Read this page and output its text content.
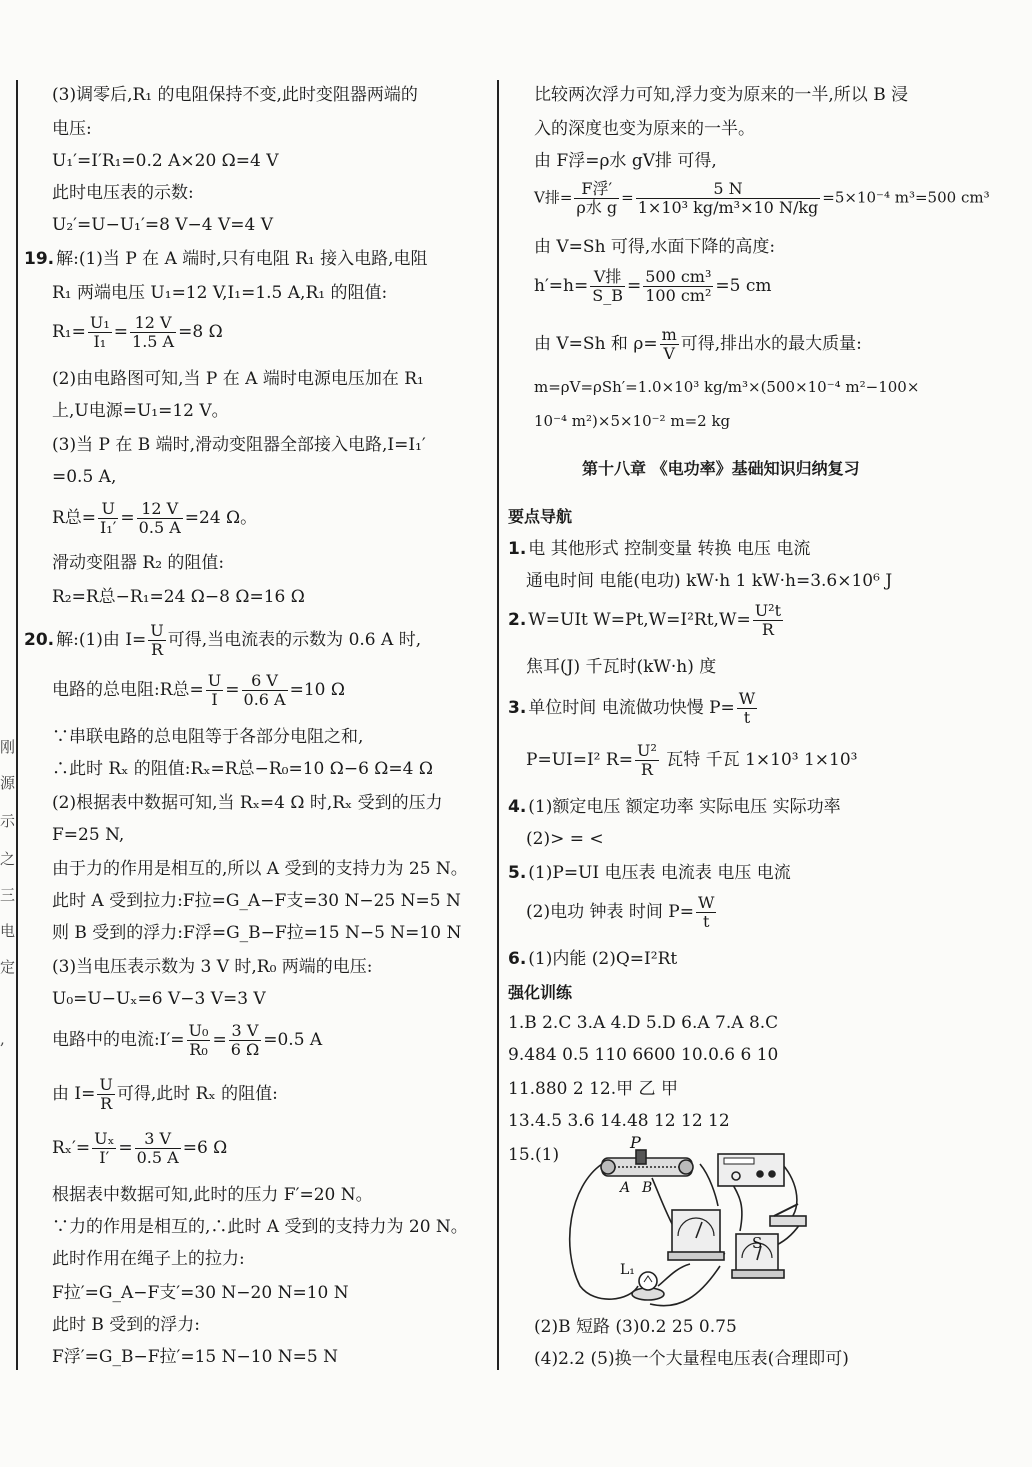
刚
源
示
之
三
电
定
,
(3)调零后,R₁ 的电阻保持不变,此时变阻器两端的
电压:
U₁′=I′R₁=0.2 A×20 Ω=4 V
此时电压表的示数:
U₂′=U−U₁′=8 V−4 V=4 V
19. 解:(1)当 P 在 A 端时,只有电阻 R₁ 接入电路,电阻
R₁ 两端电压 U₁=12 V,I₁=1.5 A,R₁ 的阻值:
$R_1= \frac{\text{U₁}}{\text{I₁}} = \frac{12 V}{1.5 A} =8$ Ω
(2)由电路图可知,当 P 在 A 端时电源电压加在 R₁
上,U电源=U₁=12 V。
(3)当 P 在 B 端时,滑动变阻器全部接入电路,I=I₁′
=0.5 A,
R总= $\frac{U}{\text{I₁′}} = \frac{12 V}{0.5 A} =24$ Ω。
滑动变阻器 R₂ 的阻值:
R₂=R总−R₁=24 Ω−8 Ω=16 Ω
20. 解:(1)由 $I= \frac{U}{R}$ 可得,当电流表的示数为 0.6 A 时,
电路的总电阻:R总= $\frac{U}{I} = \frac{6 V}{0.6 A} =10$ Ω
∵串联电路的总电阻等于各部分电阻之和,
∴此时 Rₓ 的阻值:Rₓ=R总−R₀=10 Ω−6 Ω=4 Ω
(2)根据表中数据可知,当 Rₓ=4 Ω 时,Rₓ 受到的压力
F=25 N,
由于力的作用是相互的,所以 A 受到的支持力为 25 N。
此时 A 受到拉力:F拉=G_A−F支=30 N−25 N=5 N
则 B 受到的浮力:F浮=G_B−F拉=15 N−5 N=10 N
(3)当电压表示数为 3 V 时,R₀ 两端的电压:
U₀=U−Uₓ=6 V−3 V=3 V
电路中的电流:I′= $\frac{\text{U₀}}{\text{R₀}} = \frac{3 V}{6 \Omega} =0.5$ A
由 $I= \frac{U}{R}$ 可得,此时 Rₓ 的阻值:
$R_x'= \frac{\text{Uₓ}}{I'} = \frac{3 V}{0.5 A} =6$ Ω
根据表中数据可知,此时的压力 F′=20 N。
∵力的作用是相互的,∴此时 A 受到的支持力为 20 N。
此时作用在绳子上的拉力:
F拉′=G_A−F支′=30 N−20 N=10 N
此时 B 受到的浮力:
F浮′=G_B−F拉′=15 N−10 N=5 N
比较两次浮力可知,浮力变为原来的一半,所以 B 浸
入的深度也变为原来的一半。
由 F浮=ρ水 gV排 可得,
V排= $\frac{\text{F浮′}}{\text{ρ水 g}} = \frac{5 N}{\text{1×10³ kg/m³×10 N/kg}} =5\times 10^{-4}$ m³=500 cm³
由 V=Sh 可得,水面下降的高度:
$h'=h= \frac{\text{V排}}{S\_B} = \frac{\text{500 cm³}}{\text{100 cm²}} =5$ cm
由 V=Sh 和 $\rho= \frac{m}{V}$ 可得,排出水的最大质量:
m=ρV=ρSh′=1.0×10³ kg/m³×(500×10⁻⁴ m²−100×
10⁻⁴ m²)×5×10⁻² m=2 kg
第十八章 《电功率》基础知识归纳复习
要点导航
1. 电 其他形式 控制变量 转换 电压 电流
通电时间 电能(电功) kW·h 1 kW·h=3.6×10⁶ J
2. W=UIt $W=Pt,W=I^2Rt,W= \frac{\text{U²t}}{R}$
焦耳(J) 千瓦时(kW·h) 度
3. 单位时间 电流做功快慢 $P= \frac{W}{t}$
P=UI=I² $R= \frac{\text{U²}}{R}$ 瓦特 千瓦 1×10³ 1×10³
4. (1)额定电压 额定功率 实际电压 实际功率
(2)> = <
5. (1)P=UI 电压表 电流表 电压 电流
(2)电功 钟表 时间 $P= \frac{W}{t}$
6. (1)内能 (2)Q=I²Rt
强化训练
1.B 2.C 3.A 4.D 5.D 6.A 7.A 8.C
9.484 0.5 110 6600 10.0.6 6 10
11.880 2 12.甲 乙 甲
13.4.5 3.6 14.48 12 12 12
15.(1)
P
A B
S
L₁
(2)B 短路 (3)0.2 25 0.75
(4)2.2 (5)换一个大量程电压表(合理即可)
